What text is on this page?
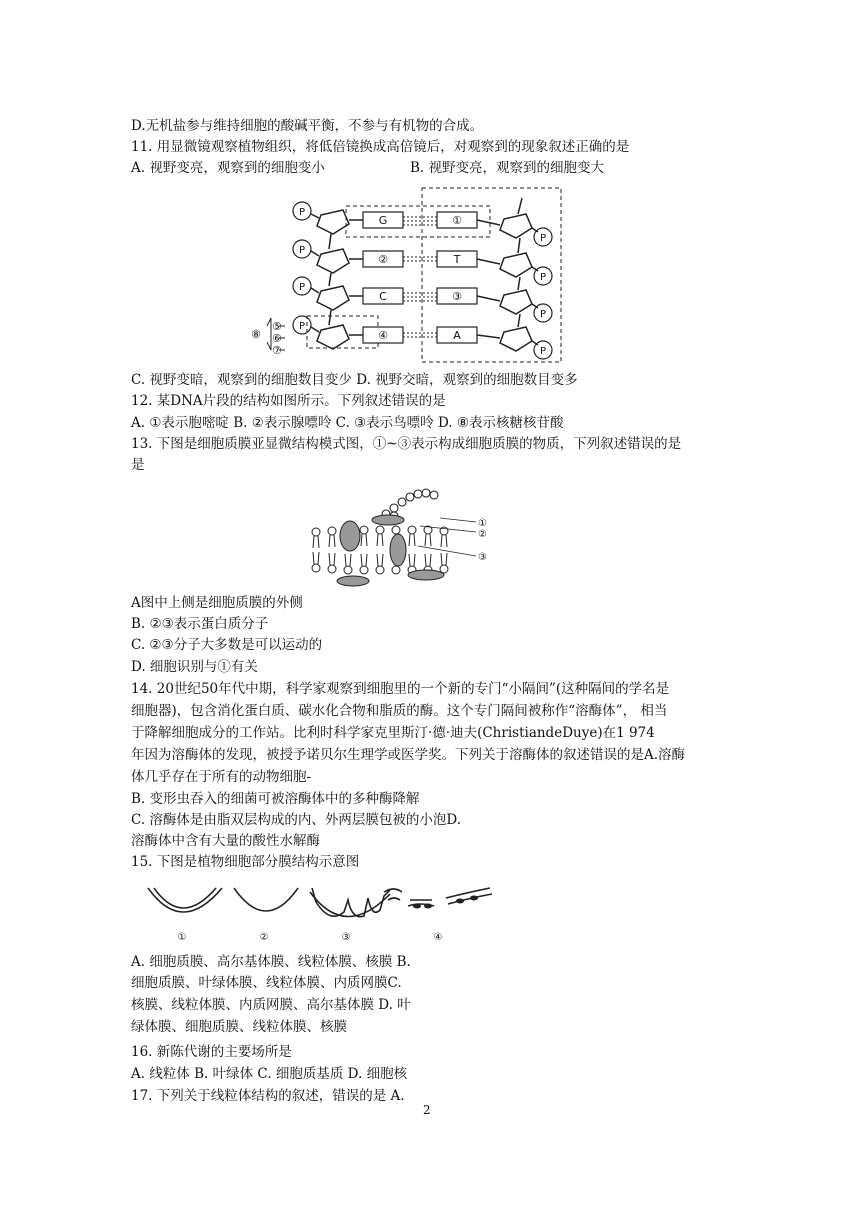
D.无机盐参与维持细胞的酸碱平衡，不参与有机物的合成。
11. 用显微镜观察植物组织，将低倍镜换成高倍镜后，对观察到的现象叙述正确的是
A. 视野变亮，观察到的细胞变小	B. 视野变亮，观察到的细胞变大
P
P
P
P
P
P
P
P
G
②
C
④
①
T
③
A
⑧
⑤
⑥
⑦
C. 视野变暗，观察到的细胞数目变少 D. 视野交暗，观察到的细胞数目变多
12. 某DNA片段的结构如图所示。下列叙述错误的是
A. ①表示胞嘧啶 B. ②表示腺嘌呤 C. ③表示鸟嘌呤 D. ⑧表示核糖核苷酸
13. 下图是细胞质膜亚显微结构模式图，①~③表示构成细胞质膜的物质，下列叙述错误的是
是
①
②
③
A图中上侧是细胞质膜的外侧
B. ②③表示蛋白质分子
C. ②③分子大多数是可以运动的
D. 细胞识别与①有关
14. 20世纪50年代中期，科学家观察到细胞里的一个新的专门“小隔间”(这种隔间的学名是
细胞器)，包含消化蛋白质、碳水化合物和脂质的酶。这个专门隔间被称作“溶酶体”， 相当
于降解细胞成分的工作站。比利时科学家克里斯汀·德·迪夫(ChristiandeDuye)在1 974
年因为溶酶体的发现，被授予诺贝尔生理学或医学奖。下列关于溶酶体的叙述错误的是A.溶酶
体几乎存在于所有的动物细胞-
B. 变形虫吞入的细菌可被溶酶体中的多种酶降解
C. 溶酶体是由脂双层构成的内、外两层膜包被的小泡D.
溶酶体中含有大量的酸性水解酶
15. 下图是植物细胞部分膜结构示意图
①	②	③	④
A. 细胞质膜、高尔基体膜、线粒体膜、核膜 B.
细胞质膜、叶绿体膜、线粒体膜、内质网膜C.
核膜、线粒体膜、内质网膜、高尔基体膜 D. 叶
绿体膜、细胞质膜、线粒体膜、核膜
16. 新陈代谢的主要场所是
A. 线粒体 B. 叶绿体 C. 细胞质基质 D. 细胞核
17. 下列关于线粒体结构的叙述，错误的是 A.
2
